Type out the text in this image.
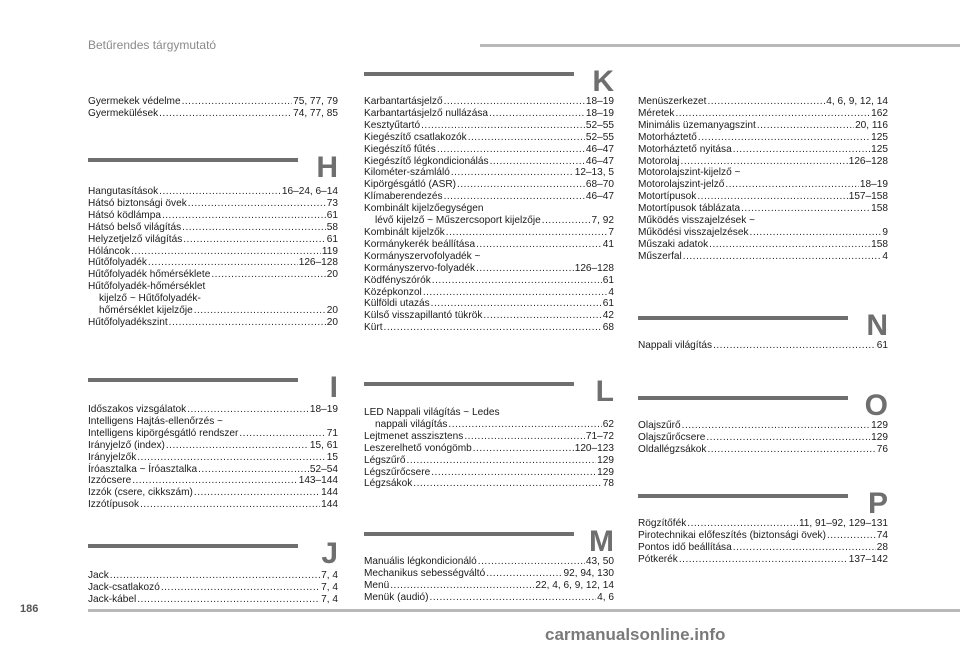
Betűrendes tárgymutató
Gyermekek védelme .....	75, 77, 79
Gyermekülések .....	74, 77, 85
H
Hangutasítások .....	16–24, 6–14
Hátsó biztonsági övek .....	73
Hátsó ködlámpa .....	61
Hátsó belső világítás .....	58
Helyzetjelző világítás .....	61
Hóláncok .....	119
Hűtőfolyadék .....	126–128
Hűtőfolyadék hőmérséklete .....	20
Hűtőfolyadék-hőmérséklet
kijelző ~ Hűtőfolyadék-
hőmérséklet kijelzője .....	20
Hűtőfolyadékszint .....	20
I
Időszakos vizsgálatok .....	18–19
Intelligens Hajtás-ellenőrzés ~
Intelligens kipörgésgátló rendszer .....	71
Irányjelző (index) .....	15, 61
Irányjelzők .....	15
Íróasztalka ~ Íróasztalka .....	52–54
Izzócsere .....	143–144
Izzók (csere, cikkszám) .....	144
Izzótípusok .....	144
J
Jack .....	7, 4
Jack-csatlakozó .....	7, 4
Jack-kábel .....	7, 4
K
Karbantartásjelző .....	18–19
Karbantartásjelző nullázása .....	18–19
Kesztyűtartó .....	52–55
Kiegészítő csatlakozók .....	52–55
Kiegészítő fűtés .....	46–47
Kiegészítő légkondicionálás .....	46–47
Kilométer-számláló .....	12–13, 5
Kipörgésgátló (ASR) .....	68–70
Klímaberendezés .....	46–47
Kombinált kijelzőegységen
lévő kijelző ~ Műszercsoport kijelzője .....	7, 92
Kombinált kijelzők .....	7
Kormánykerék beállítása .....	41
Kormányszervofolyadék ~
Kormányszervo-folyadék .....	126–128
Ködfényszórók .....	61
Középkonzol .....	4
Külföldi utazás .....	61
Külső visszapillantó tükrök .....	42
Kürt .....	68
L
LED Nappali világítás ~ Ledes
nappali világítás .....	62
Lejtmenet asszisztens .....	71–72
Leszerelhető vonógömb .....	120–123
Légszűrő .....	129
Légszűrőcsere .....	129
Légzsákok .....	78
M
Manuális légkondicionáló .....	43, 50
Mechanikus sebességváltó .....	92, 94, 130
Menü .....	22, 4, 6, 9, 12, 14
Menük (audió) .....	4, 6
Menüszerkezet .....	4, 6, 9, 12, 14
Méretek .....	162
Minimális üzemanyagszint .....	20, 116
Motorháztető .....	125
Motorháztető nyitása .....	125
Motorolaj .....	126–128
Motorolajszint-kijelző ~
Motorolajszint-jelző .....	18–19
Motortípusok .....	157–158
Motortípusok táblázata .....	158
Működés visszajelzések ~
Működési visszajelzések .....	9
Műszaki adatok .....	158
Műszerfal .....	4
N
Nappali világítás .....	61
O
Olajszűrő .....	129
Olajszűrőcsere .....	129
Oldallégzsákok .....	76
P
Rögzítőfék .....	11, 91–92, 129–131
Pirotechnikai előfeszítés (biztonsági övek) .....	74
Pontos idő beállítása .....	28
Pótkerék .....	137–142
186
carmanualsonline.info
